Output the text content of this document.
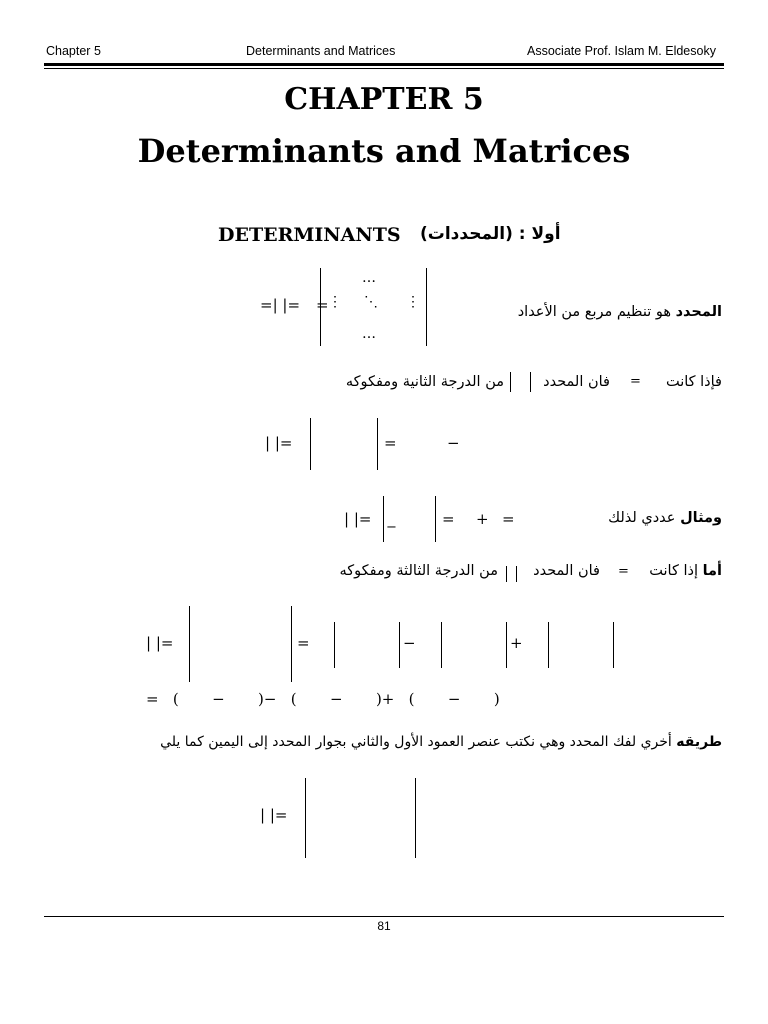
Chapter 5	Determinants and Matrices	Associate Prof. Islam M. Eldesoky
CHAPTER 5
Determinants and Matrices
DETERMINANTS أولا : (المحددات)
المحدد هو تنظيم مربع من الأعداد
=| |= =
…
⋮ ⋱ ⋮
…
فإذا كانت
=
فان المحدد
من الدرجة الثانية ومفكوكه
| |=	=	−
ومثال عددي لذلك
| |= −	= + =
أما إذا كانت
=
فان المحدد
من الدرجة الثالثة ومفكوكه
| |=	=	−	+
=   (       −       )−   (       −       )+   (       −       )
طريقه أخري لفك المحدد وهي نكتب عنصر العمود الأول والثاني بجوار المحدد إلى اليمين كما يلي
| |=
81
